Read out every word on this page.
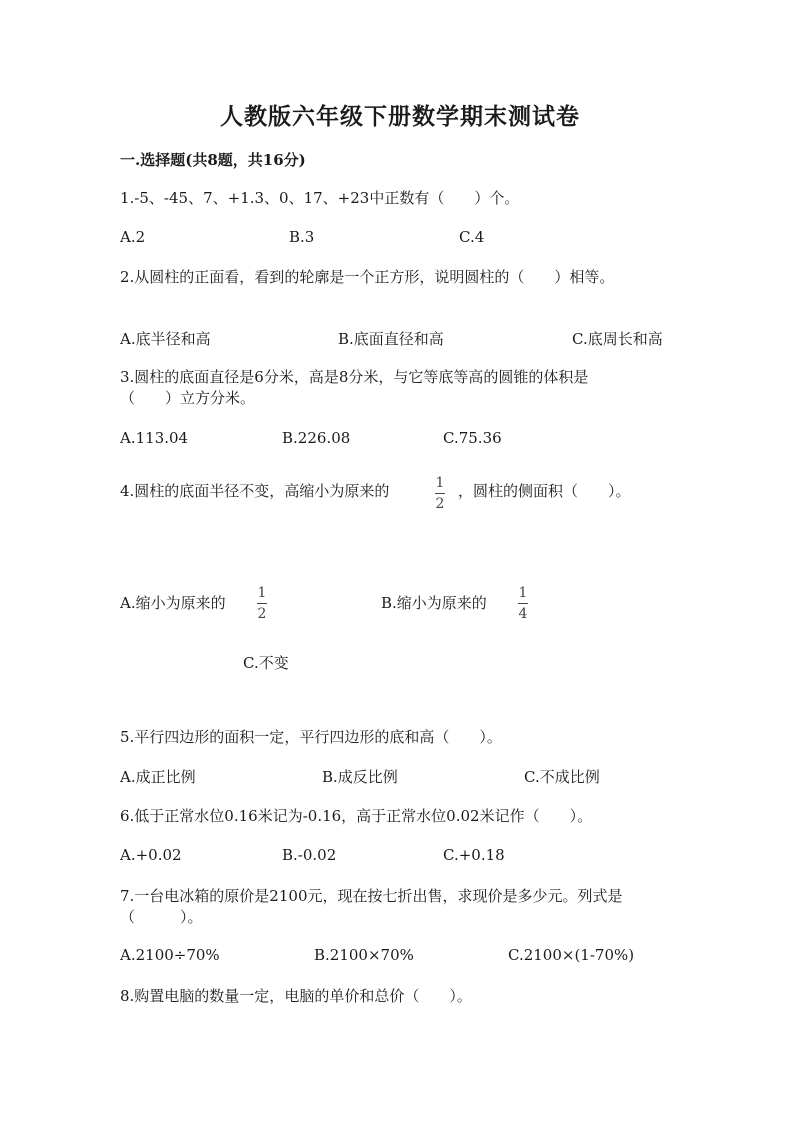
人教版六年级下册数学期末测试卷
一.选择题(共8题，共16分)
1.-5、-45、7、+1.3、0、17、+23中正数有（　　）个。
A.2	B.3	C.4
2.从圆柱的正面看，看到的轮廓是一个正方形，说明圆柱的（　　）相等。
A.底半径和高	B.底面直径和高	C.底周长和高
3.圆柱的底面直径是6分米，高是8分米，与它等底等高的圆锥的体积是
（　　）立方分米。
A.113.04	B.226.08	C.75.36
4.圆柱的底面半径不变，高缩小为原来的	1
2
，圆柱的侧面积（　　）。
A.缩小为原来的
1
2
B.缩小为原来的
1
4
C.不变
5.平行四边形的面积一定，平行四边形的底和高（　　）。
A.成正比例	B.成反比例	C.不成比例
6.低于正常水位0.16米记为-0.16，高于正常水位0.02米记作（　　）。
A.+0.02	B.-0.02	C.+0.18
7.一台电冰箱的原价是2100元，现在按七折出售，求现价是多少元。列式是
（　　　）。
A.2100÷70%	B.2100×70%	C.2100×(1-70%)
8.购置电脑的数量一定，电脑的单价和总价（　　）。
